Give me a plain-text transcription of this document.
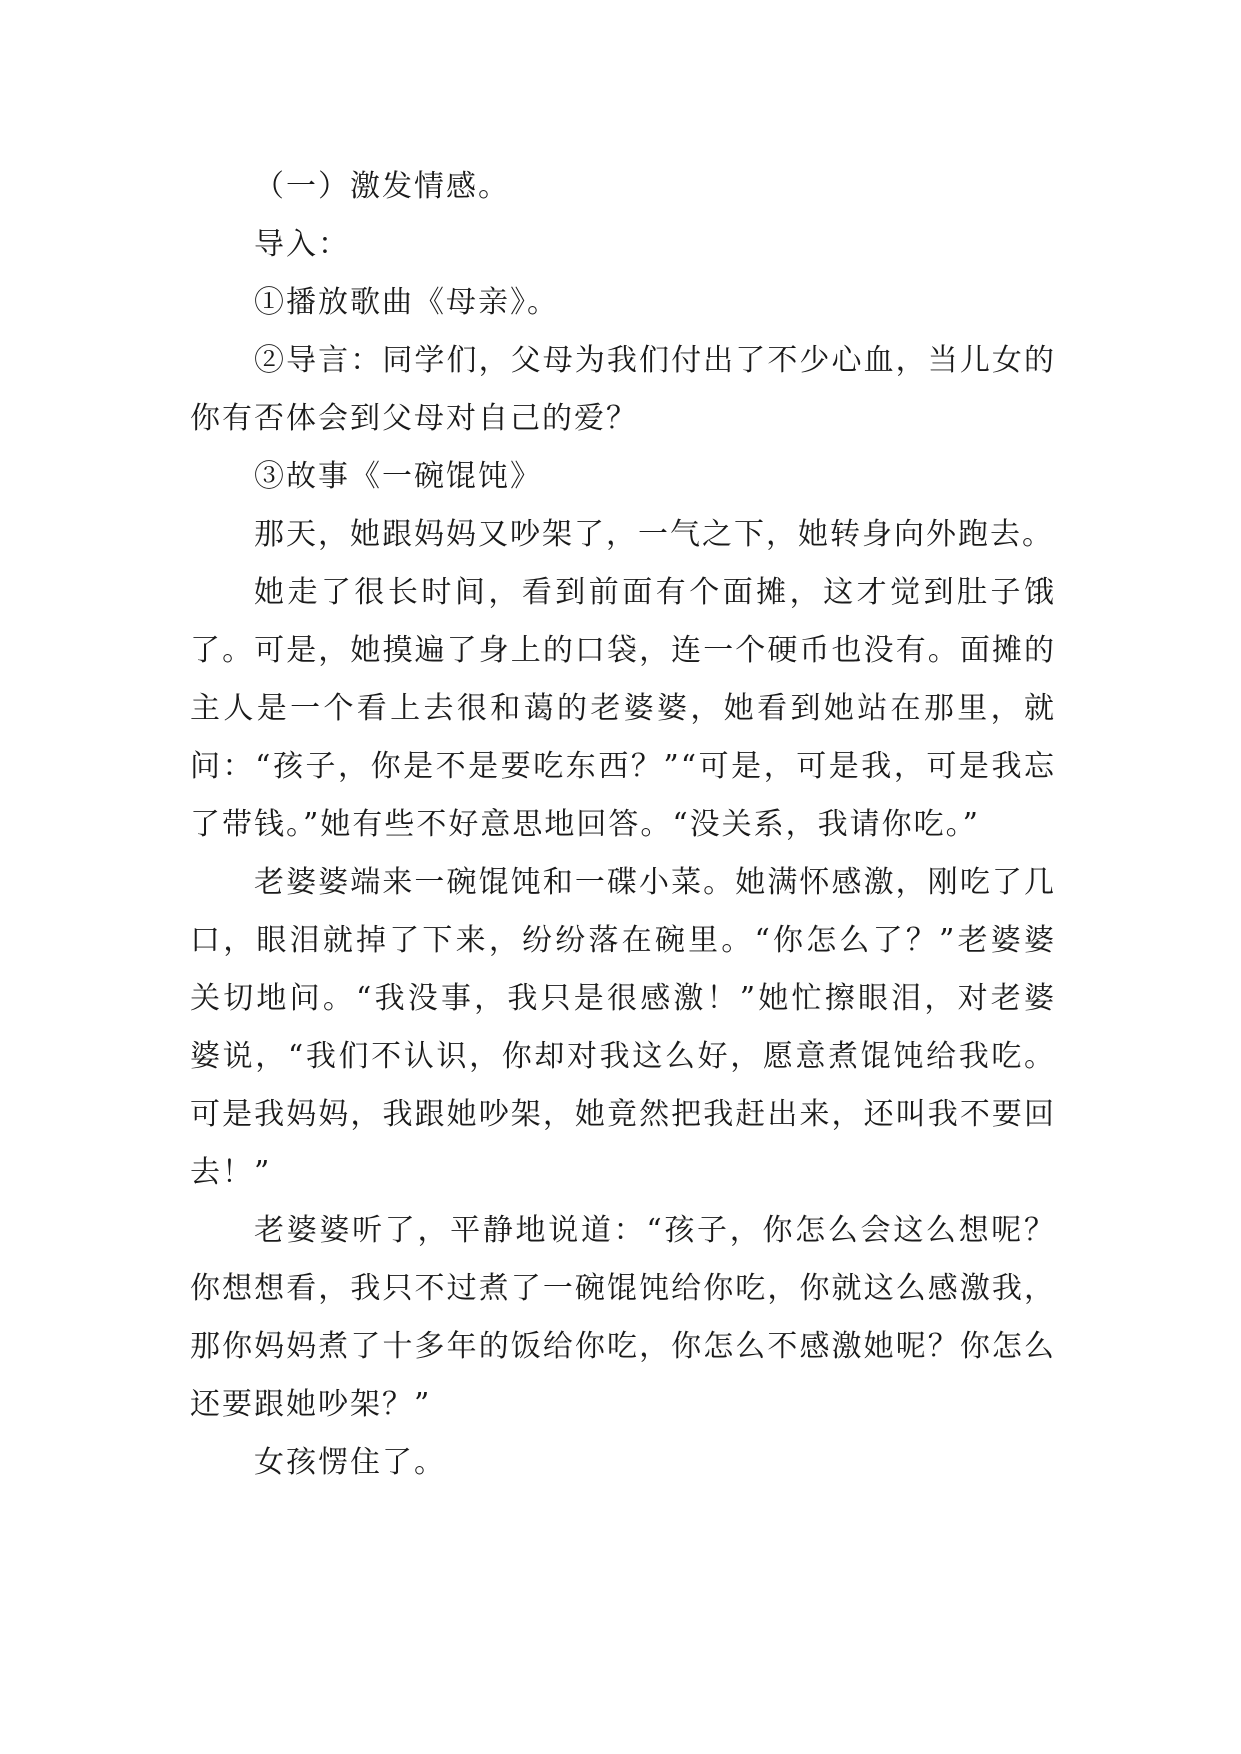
（一）激发情感。

导入：

①播放歌曲《母亲》。

②导言：同学们，父母为我们付出了不少心血，当儿女的你有否体会到父母对自己的爱？

③故事《一碗馄饨》

那天，她跟妈妈又吵架了，一气之下，她转身向外跑去。

她走了很长时间，看到前面有个面摊，这才觉到肚子饿了。可是，她摸遍了身上的口袋，连一个硬币也没有。面摊的主人是一个看上去很和蔼的老婆婆，她看到她站在那里，就问：“孩子，你是不是要吃东西？”“可是，可是我，可是我忘了带钱。”她有些不好意思地回答。“没关系，我请你吃。”

老婆婆端来一碗馄饨和一碟小菜。她满怀感激，刚吃了几口，眼泪就掉了下来，纷纷落在碗里。“你怎么了？”老婆婆关切地问。“我没事，我只是很感激！”她忙擦眼泪，对老婆婆说，“我们不认识，你却对我这么好，愿意煮馄饨给我吃。可是我妈妈，我跟她吵架，她竟然把我赶出来，还叫我不要回去！”

老婆婆听了，平静地说道：“孩子，你怎么会这么想呢？你想想看，我只不过煮了一碗馄饨给你吃，你就这么感激我，那你妈妈煮了十多年的饭给你吃，你怎么不感激她呢？你怎么还要跟她吵架？”

女孩愣住了。
